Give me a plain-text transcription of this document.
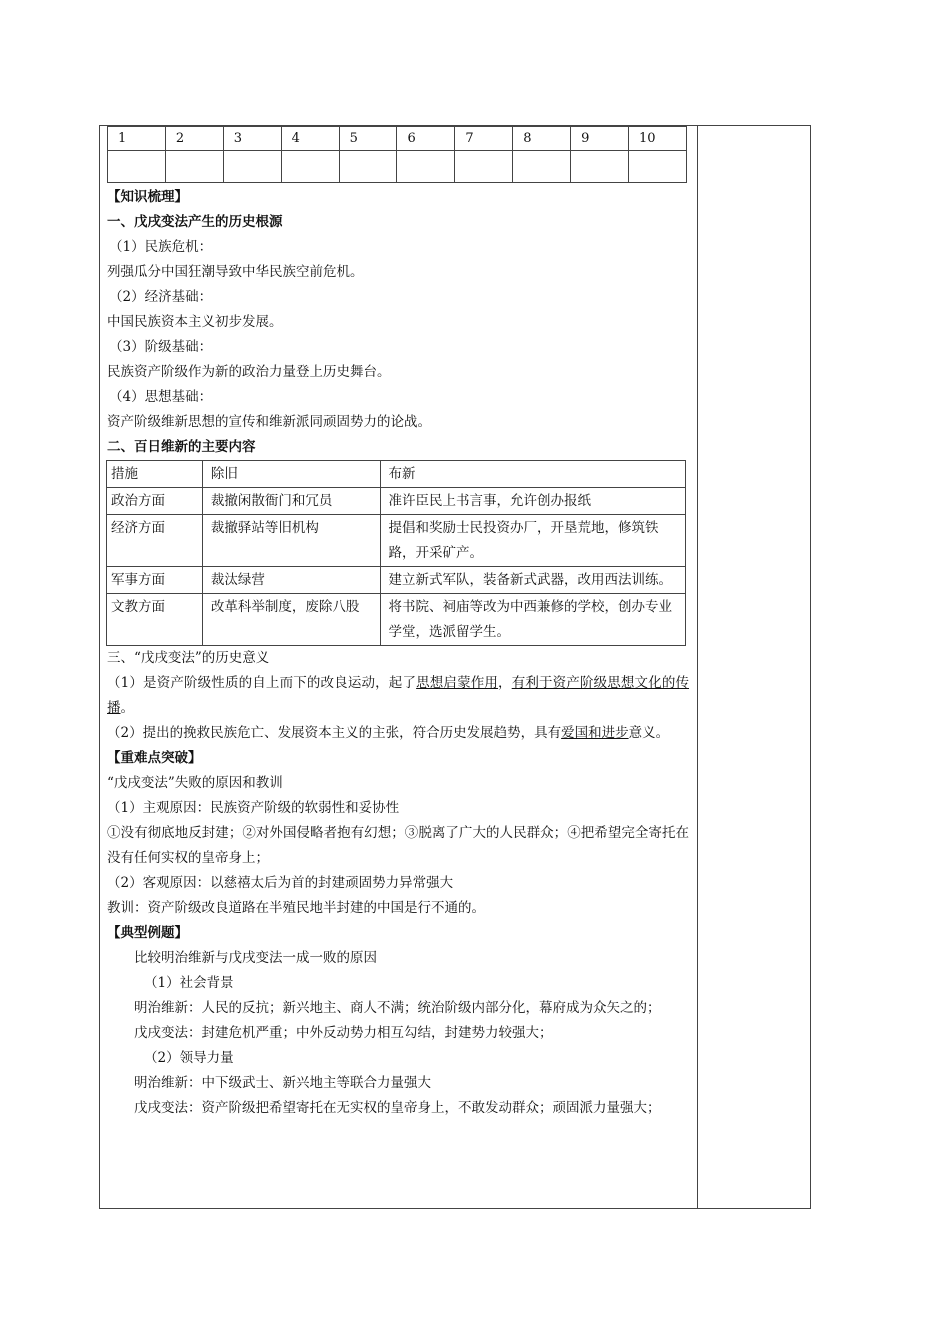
1	2	3	4	5	6	7	8	9	10

【知识梳理】
一、戊戌变法产生的历史根源
（1）民族危机：
列强瓜分中国狂潮导致中华民族空前危机。
（2）经济基础：
中国民族资本主义初步发展。
（3）阶级基础：
民族资产阶级作为新的政治力量登上历史舞台。
（4）思想基础：
资产阶级维新思想的宣传和维新派同顽固势力的论战。
二、百日维新的主要内容
措施	除旧	布新
政治方面	裁撤闲散衙门和冗员	准许臣民上书言事，允许创办报纸
经济方面	裁撤驿站等旧机构	提倡和奖励士民投资办厂，开垦荒地，修筑铁路，开采矿产。
军事方面	裁汰绿营	建立新式军队，装备新式武器，改用西法训练。
文教方面	改革科举制度，废除八股	将书院、祠庙等改为中西兼修的学校，创办专业学堂，选派留学生。
三、“戊戌变法”的历史意义
（1）是资产阶级性质的自上而下的改良运动，起了思想启蒙作用，有利于资产阶级思想文化的传播。
（2）提出的挽救民族危亡、发展资本主义的主张，符合历史发展趋势，具有爱国和进步意义。
【重难点突破】
“戊戌变法”失败的原因和教训
（1）主观原因：民族资产阶级的软弱性和妥协性
①没有彻底地反封建；②对外国侵略者抱有幻想；③脱离了广大的人民群众；④把希望完全寄托在没有任何实权的皇帝身上；
（2）客观原因：以慈禧太后为首的封建顽固势力异常强大
教训：资产阶级改良道路在半殖民地半封建的中国是行不通的。
【典型例题】
比较明治维新与戊戌变法一成一败的原因
（1）社会背景
明治维新：人民的反抗；新兴地主、商人不满；统治阶级内部分化，幕府成为众矢之的；
戊戌变法：封建危机严重；中外反动势力相互勾结，封建势力较强大；
（2）领导力量
明治维新：中下级武士、新兴地主等联合力量强大
戊戌变法：资产阶级把希望寄托在无实权的皇帝身上，不敢发动群众；顽固派力量强大；
